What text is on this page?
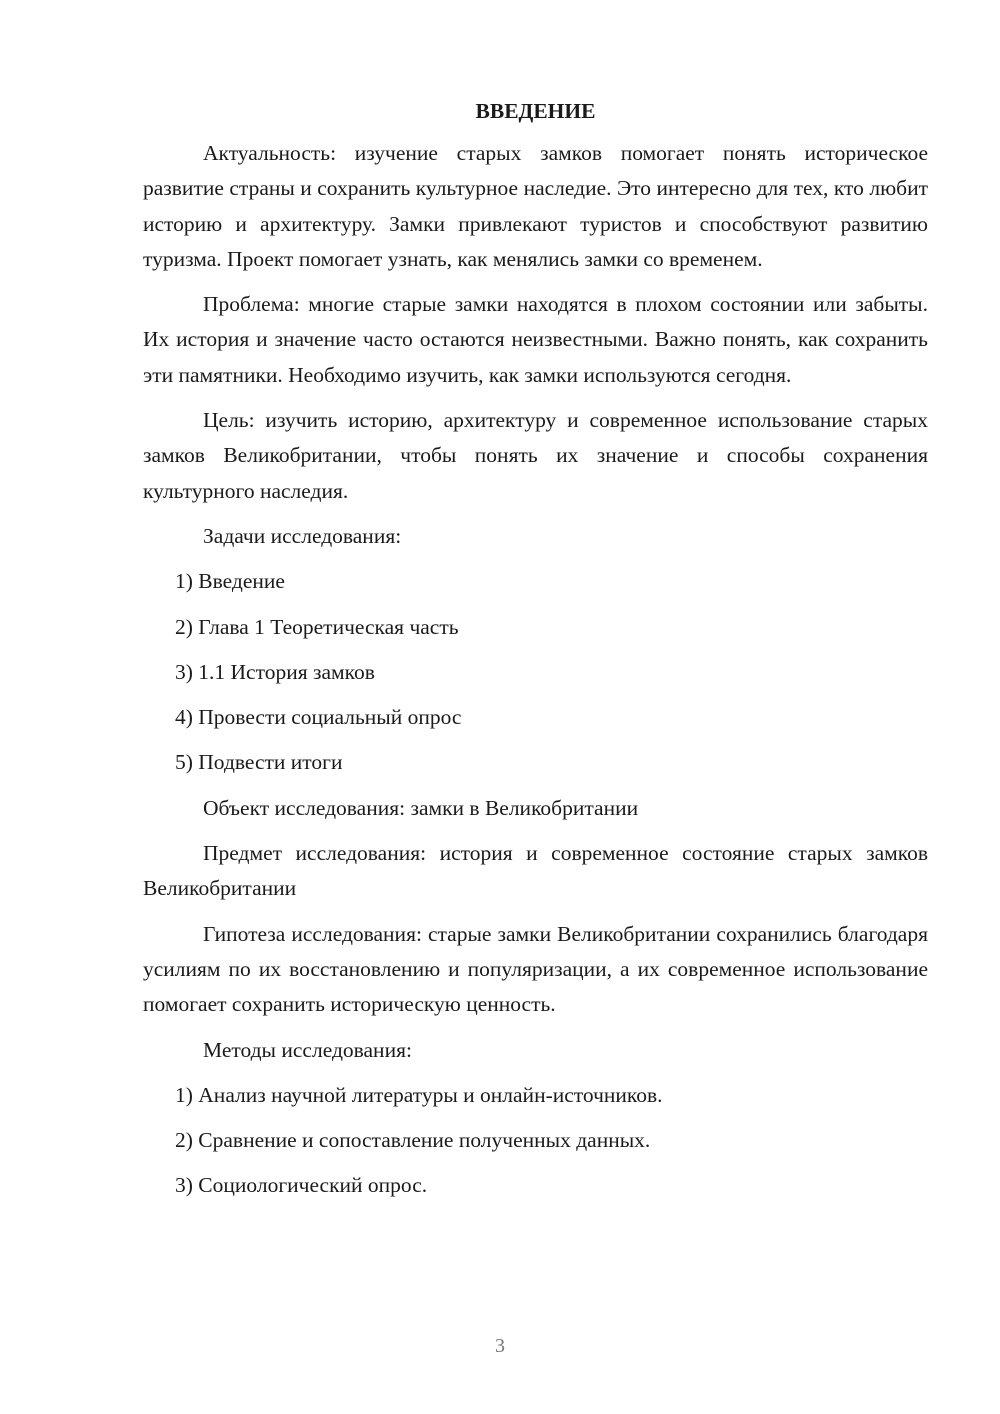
ВВЕДЕНИЕ

Актуальность: изучение старых замков помогает понять историческое развитие страны и сохранить культурное наследие. Это интересно для тех, кто любит историю и архитектуру. Замки привлекают туристов и способствуют развитию туризма. Проект помогает узнать, как менялись замки со временем.

Проблема: многие старые замки находятся в плохом состоянии или забыты. Их история и значение часто остаются неизвестными. Важно понять, как сохранить эти памятники. Необходимо изучить, как замки используются сегодня.

Цель: изучить историю, архитектуру и современное использование старых замков Великобритании, чтобы понять их значение и способы сохранения культурного наследия.

Задачи исследования:

1) Введение

2) Глава 1 Теоретическая часть

3) 1.1 История замков

4) Провести социальный опрос

5) Подвести итоги

Объект исследования: замки в Великобритании

Предмет исследования: история и современное состояние старых замков Великобритании

Гипотеза исследования: старые замки Великобритании сохранились благодаря усилиям по их восстановлению и популяризации, а их современное использование помогает сохранить историческую ценность.

Методы исследования:

1) Анализ научной литературы и онлайн-источников.

2) Сравнение и сопоставление полученных данных.

3) Социологический опрос.

3
